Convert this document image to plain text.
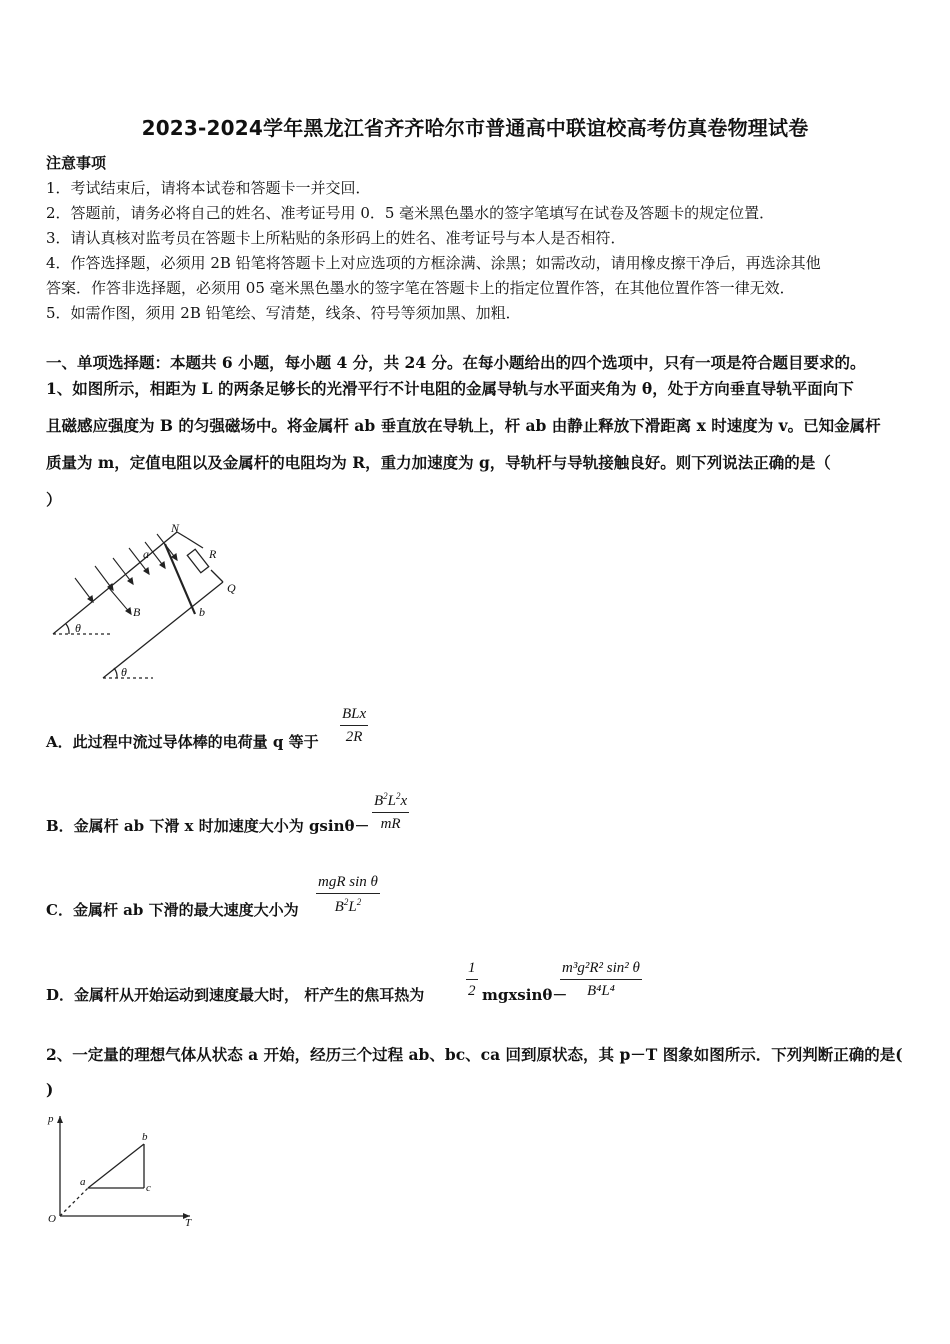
2023-2024学年黑龙江省齐齐哈尔市普通高中联谊校高考仿真卷物理试卷
注意事项
1．考试结束后，请将本试卷和答题卡一并交回．
2．答题前，请务必将自己的姓名、准考证号用 0．5 毫米黑色墨水的签字笔填写在试卷及答题卡的规定位置．
3．请认真核对监考员在答题卡上所粘贴的条形码上的姓名、准考证号与本人是否相符．
4．作答选择题，必须用 2B 铅笔将答题卡上对应选项的方框涂满、涂黑；如需改动，请用橡皮擦干净后，再选涂其他
答案．作答非选择题，必须用 05 毫米黑色墨水的签字笔在答题卡上的指定位置作答，在其他位置作答一律无效．
5．如需作图，须用 2B 铅笔绘、写清楚，线条、符号等须加黑、加粗．
一、单项选择题：本题共 6 小题，每小题 4 分，共 24 分。在每小题给出的四个选项中，只有一项是符合题目要求的。
1、如图所示，相距为 L 的两条足够长的光滑平行不计电阻的金属导轨与水平面夹角为 θ，处于方向垂直导轨平面向下
且磁感应强度为 B 的匀强磁场中。将金属杆 ab 垂直放在导轨上，杆 ab 由静止释放下滑距离 x 时速度为 v。已知金属杆
质量为 m，定值电阻以及金属杆的电阻均为 R，重力加速度为 g，导轨杆与导轨接触良好。则下列说法正确的是（
）
N
a	R
Q
B	b
θ
θ
A．此过程中流过导体棒的电荷量 q 等于
BLx
2R
B．金属杆 ab 下滑 x 时加速度大小为 gsinθ－
$B^2L^2x$
mR
C．金属杆 ab 下滑的最大速度大小为
mgR sin θ
$B^2L^2$
D．金属杆从开始运动到速度最大时， 杆产生的焦耳热为
1
2 mgxsinθ－
m³g²R² sin² θ
B⁴L⁴
2、一定量的理想气体从状态 a 开始，经历三个过程 ab、bc、ca 回到原状态，其 p－T 图象如图所示．下列判断正确的是(
)
p
T
O
a
b
c
